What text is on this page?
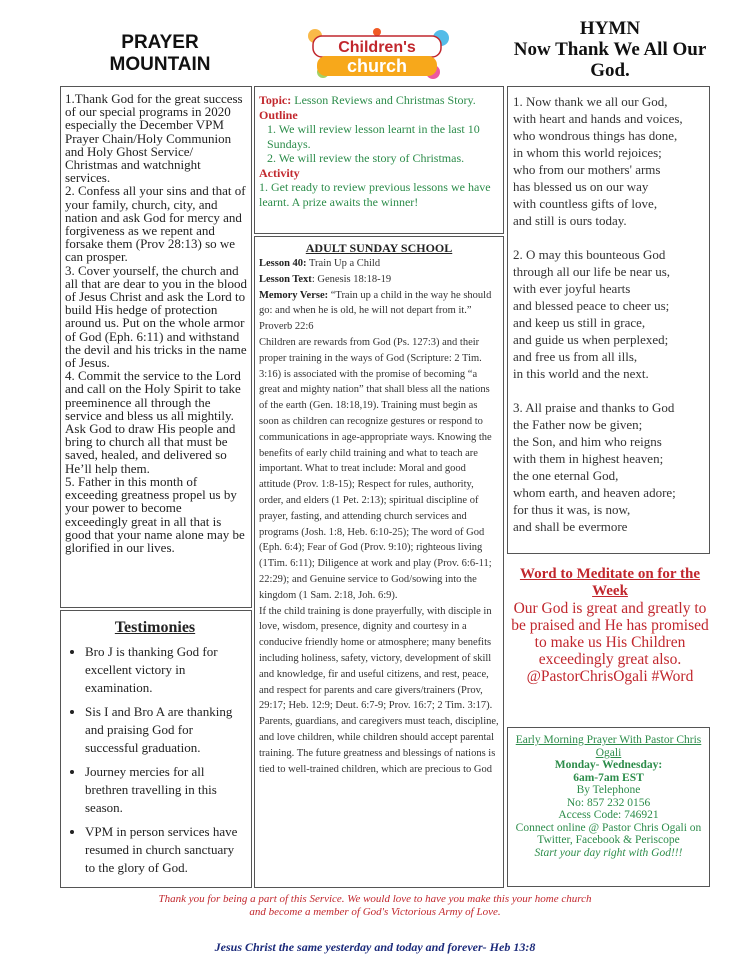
PRAYER
MOUNTAIN
Children's
church
HYMN
Now Thank We All Our God.

1.Thank God for the great success of our special programs in 2020 especially the December VPM Prayer Chain/Holy Communion and Holy Ghost Service/ Christmas and watchnight services.

2. Confess all your sins and that of your family, church, city, and nation and ask God for mercy and forgiveness as we repent and forsake them (Prov 28:13) so we can prosper.

3. Cover yourself, the church and all that are dear to you in the blood of Jesus Christ and ask the Lord to build His hedge of protection around us. Put on the whole armor of God (Eph. 6:11) and withstand the devil and his tricks in the name of Jesus.

4. Commit the service to the Lord and call on the Holy Spirit to take preeminence all through the service and bless us all mightily. Ask God to draw His people and bring to church all that must be saved, healed, and delivered so He’ll help them.

5. Father in this month of exceeding greatness propel us by your power to become exceedingly great in all that is good that your name alone may be glorified in our lives.

Testimonies
• Bro J is thanking God for excellent victory in examination.
• Sis I and Bro A are thanking and praising God for successful graduation.
• Journey mercies for all brethren travelling in this season.
• VPM in person services have resumed in church sanctuary to the glory of God.
Topic: Lesson Reviews and Christmas Story.
Outline
1. We will review lesson learnt in the last 10 Sundays.
2. We will review the story of Christmas.
Activity
1. Get ready to review previous lessons we have learnt. A prize awaits the winner!
ADULT SUNDAY SCHOOL
Lesson 40: Train Up a Child
Lesson Text: Genesis 18:18-19
Memory Verse: “Train up a child in the way he should go: and when he is old, he will not depart from it.” Proverb 22:6
Children are rewards from God (Ps. 127:3) and their proper training in the ways of God (Scripture: 2 Tim. 3:16) is associated with the promise of becoming “a great and mighty nation” that shall bless all the nations of the earth (Gen. 18:18,19). Training must begin as soon as children can recognize gestures or respond to communications in age-appropriate ways. Knowing the benefits of early child training and what to teach are important. What to treat include: Moral and good attitude (Prov. 1:8-15); Respect for rules, authority, order, and elders (1 Pet. 2:13); spiritual discipline of prayer, fasting, and attending church services and programs (Josh. 1:8, Heb. 6:10-25); The word of God (Eph. 6:4); Fear of God (Prov. 9:10); righteous living (1Tim. 6:11); Diligence at work and play (Prov. 6:6-11; 22:29); and Genuine service to God/sowing into the kingdom (1 Sam. 2:18, Joh. 6:9).
If the child training is done prayerfully, with disciple in love, wisdom, presence, dignity and courtesy in a conducive friendly home or atmosphere; many benefits including holiness, safety, victory, development of skill and knowledge, fir and useful citizens, and rest, peace, and respect for parents and care givers/trainers (Prov, 29:17; Heb. 12:9; Deut. 6:7-9; Prov. 16:7; 2 Tim. 3:17).
Parents, guardians, and caregivers must teach, discipline, and love children, while children should accept parental training. The future greatness and blessings of nations is tied to well-trained children, which are precious to God
1. Now thank we all our God,
with heart and hands and voices,
who wondrous things has done,
in whom this world rejoices;
who from our mothers' arms
has blessed us on our way
with countless gifts of love,
and still is ours today.
2. O may this bounteous God
through all our life be near us,
with ever joyful hearts
and blessed peace to cheer us;
and keep us still in grace,
and guide us when perplexed;
and free us from all ills,
in this world and the next.
3. All praise and thanks to God
the Father now be given;
the Son, and him who reigns
with them in highest heaven;
the one eternal God,
whom earth, and heaven adore;
for thus it was, is now,
and shall be evermore
Word to Meditate on for the Week
Our God is great and greatly to be praised and He has promised to make us His Children exceedingly great also. @PastorChrisOgali #Word
Early Morning Prayer With Pastor Chris Ogali
Monday- Wednesday:
6am-7am EST
By Telephone
No: 857 232 0156
Access Code: 746921
Connect online @ Pastor Chris Ogali on Twitter, Facebook & Periscope
Start your day right with God!!!
Thank you for being a part of this Service. We would love to have you make this your home church and become a member of God's Victorious Army of Love.
Jesus Christ the same yesterday and today and forever- Heb 13:8
